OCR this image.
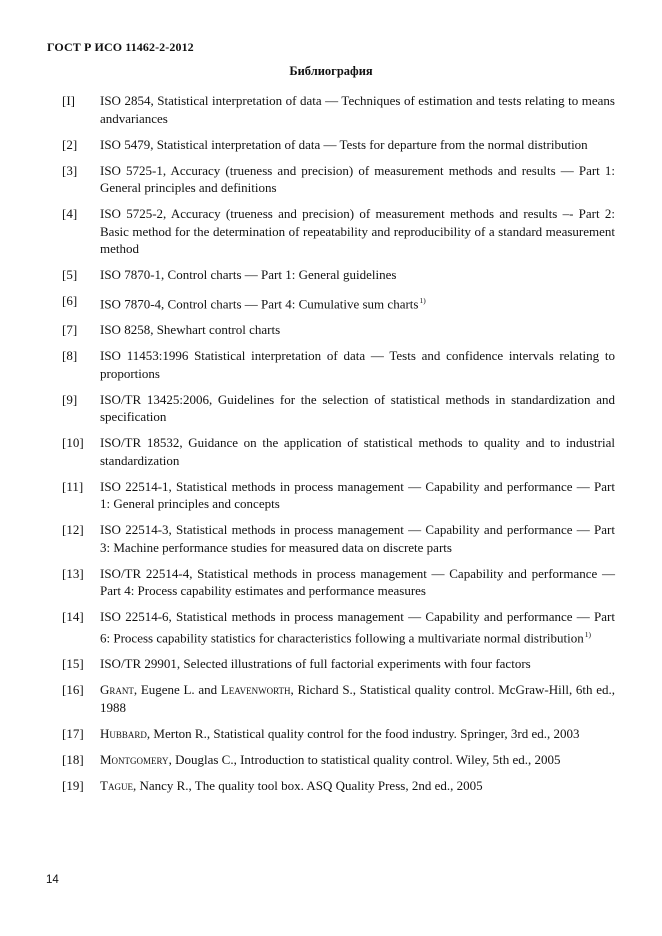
ГОСТ Р ИСО 11462-2-2012
Библиография
[I]	ISO 2854, Statistical interpretation of data — Techniques of estimation and tests relating to means andvariances
[2]	ISO 5479, Statistical interpretation of data — Tests for departure from the normal distribution
[3]	ISO 5725-1, Accuracy (trueness and precision) of measurement methods and results — Part 1: General principles and definitions
[4]	ISO 5725-2, Accuracy (trueness and precision) of measurement methods and results –- Part 2: Basic method for the determination of repeatability and reproducibility of a standard measurement method
[5]	ISO 7870-1, Control charts — Part 1: General guidelines
[6]	ISO 7870-4, Control charts — Part 4: Cumulative sum charts$^{1)}$
[7]	ISO 8258, Shewhart control charts
[8]	ISO 11453:1996 Statistical interpretation of data — Tests and confidence intervals relating to proportions
[9]	ISO/TR 13425:2006, Guidelines for the selection of statistical methods in standardization and specification
[10]	ISO/TR 18532, Guidance on the application of statistical methods to quality and to industrial standardization
[11]	ISO 22514-1, Statistical methods in process management — Capability and performance — Part 1: General principles and concepts
[12]	ISO 22514-3, Statistical methods in process management — Capability and performance — Part 3: Machine performance studies for measured data on discrete parts
[13]	ISO/TR 22514-4, Statistical methods in process management — Capability and performance — Part 4: Process capability estimates and performance measures
[14]	ISO 22514-6, Statistical methods in process management — Capability and performance — Part 6: Process capability statistics for characteristics following a multivariate normal distribution$^{1)}$
[15]	ISO/TR 29901, Selected illustrations of full factorial experiments with four factors
[16]	Grant, Eugene L. and Leavenworth, Richard S., Statistical quality control. McGraw-Hill, 6th ed., 1988
[17]	Hubbard, Merton R., Statistical quality control for the food industry. Springer, 3rd ed., 2003
[18]	Montgomery, Douglas C., Introduction to statistical quality control. Wiley, 5th ed., 2005
[19]	Tague, Nancy R., The quality tool box. ASQ Quality Press, 2nd ed., 2005
14
